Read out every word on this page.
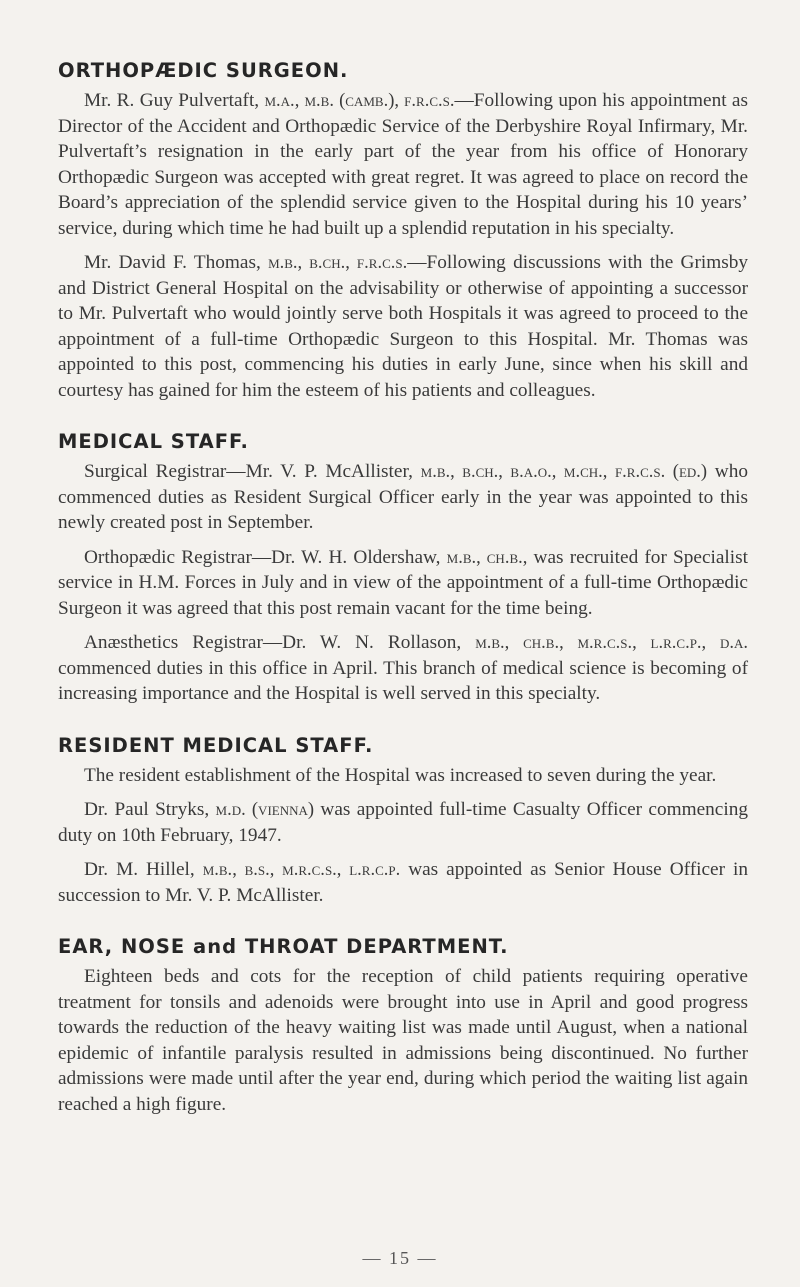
ORTHOPÆDIC SURGEON.

Mr. R. Guy Pulvertaft, m.a., m.b. (camb.), f.r.c.s.—Following upon his appointment as Director of the Accident and Orthopædic Service of the Derbyshire Royal Infirmary, Mr. Pulvertaft’s resignation in the early part of the year from his office of Honorary Orthopædic Surgeon was accepted with great regret. It was agreed to place on record the Board’s appreciation of the splendid service given to the Hospital during his 10 years’ service, during which time he had built up a splendid reputation in his specialty.

Mr. David F. Thomas, m.b., b.ch., f.r.c.s.—Following discussions with the Grimsby and District General Hospital on the advisability or otherwise of appointing a successor to Mr. Pulvertaft who would jointly serve both Hospitals it was agreed to proceed to the appointment of a full-time Orthopædic Surgeon to this Hospital. Mr. Thomas was appointed to this post, commencing his duties in early June, since when his skill and courtesy has gained for him the esteem of his patients and colleagues.

MEDICAL STAFF.

Surgical Registrar—Mr. V. P. McAllister, m.b., b.ch., b.a.o., m.ch., f.r.c.s. (ed.) who commenced duties as Resident Surgical Officer early in the year was appointed to this newly created post in September.

Orthopædic Registrar—Dr. W. H. Oldershaw, m.b., ch.b., was recruited for Specialist service in H.M. Forces in July and in view of the appointment of a full-time Orthopædic Surgeon it was agreed that this post remain vacant for the time being.

Anæsthetics Registrar—Dr. W. N. Rollason, m.b., ch.b., m.r.c.s., l.r.c.p., d.a. commenced duties in this office in April. This branch of medical science is becoming of increasing importance and the Hospital is well served in this specialty.

RESIDENT MEDICAL STAFF.

The resident establishment of the Hospital was increased to seven during the year.

Dr. Paul Stryks, m.d. (vienna) was appointed full-time Casualty Officer commencing duty on 10th February, 1947.

Dr. M. Hillel, m.b., b.s., m.r.c.s., l.r.c.p. was appointed as Senior House Officer in succession to Mr. V. P. McAllister.

EAR, NOSE and THROAT DEPARTMENT.

Eighteen beds and cots for the reception of child patients requiring operative treatment for tonsils and adenoids were brought into use in April and good progress towards the reduction of the heavy waiting list was made until August, when a national epidemic of infantile paralysis resulted in admissions being discontinued. No further admissions were made until after the year end, during which period the waiting list again reached a high figure.

— 15 —
